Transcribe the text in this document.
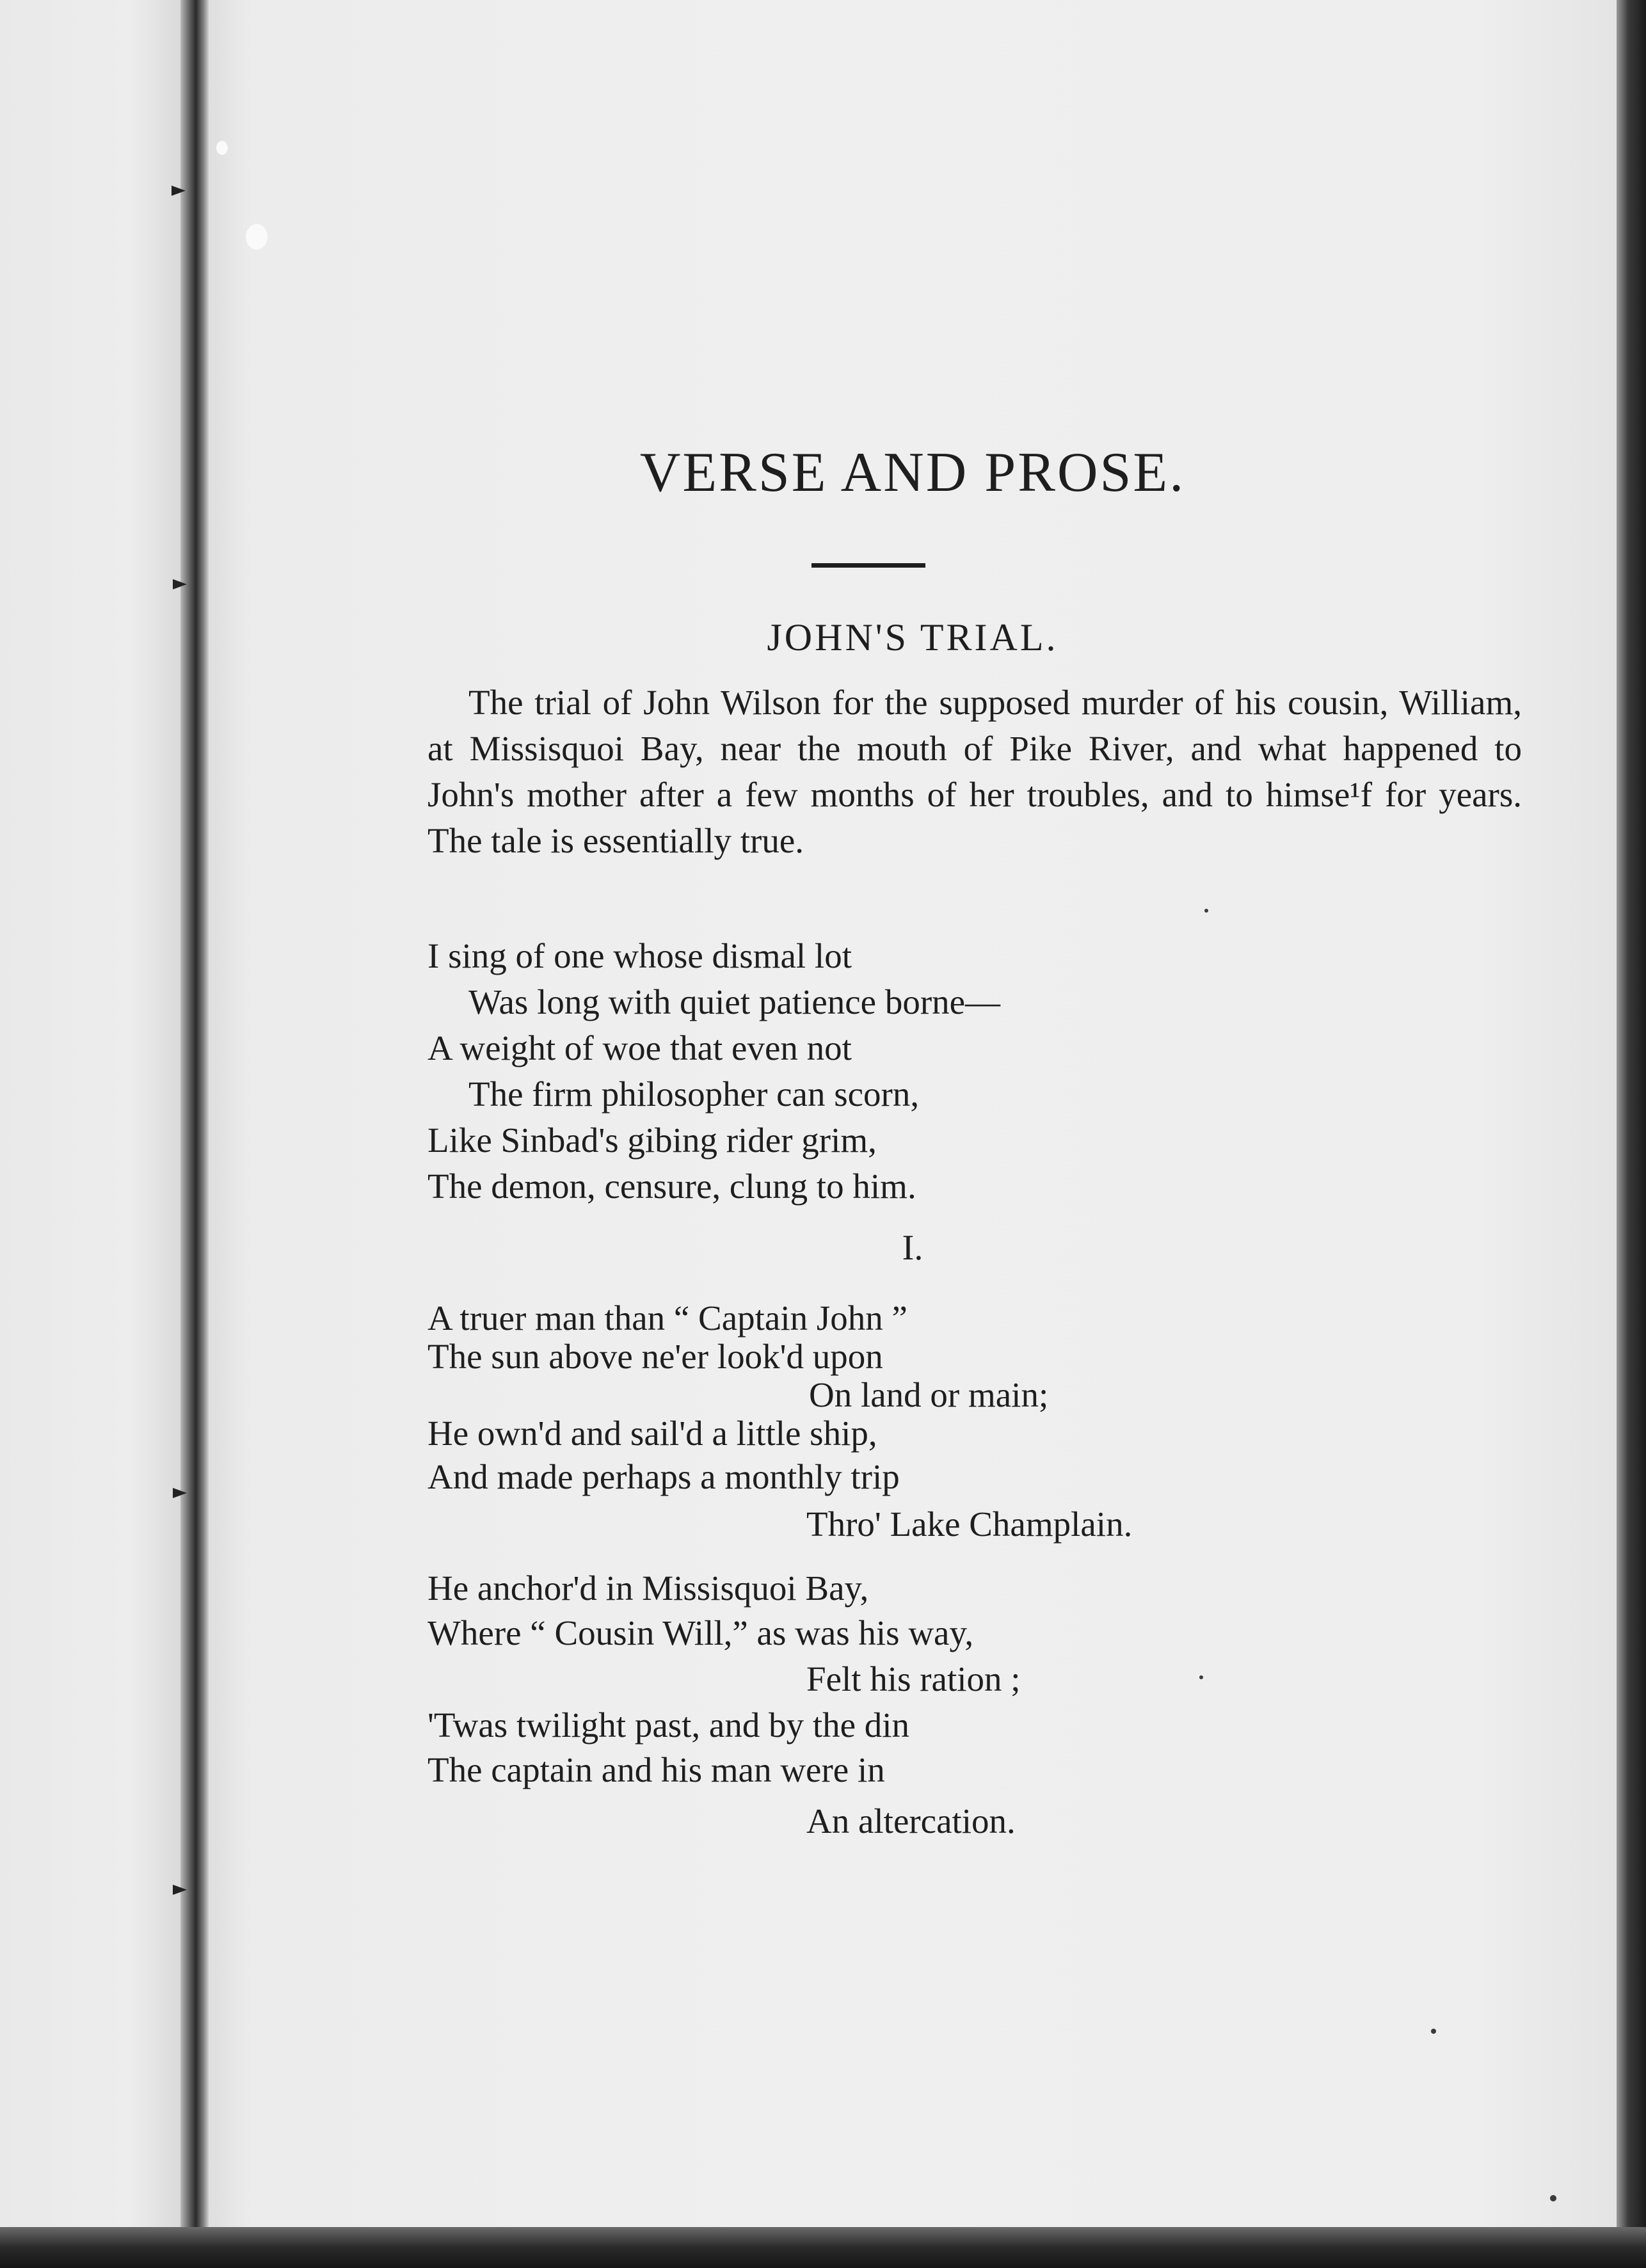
VERSE AND PROSE.
JOHN'S TRIAL.

The trial of John Wilson for the supposed murder of his cousin, William, at Missisquoi Bay, near the mouth of Pike River, and what happened to John's mother after a few months of her troubles, and to himse¹f for years. The tale is essentially true.

I sing of one whose dismal lot

Was long with quiet patience borne—

A weight of woe that even not

The firm philosopher can scorn,

Like Sinbad's gibing rider grim,

The demon, censure, clung to him.

I.

A truer man than “ Captain John ”

The sun above ne'er look'd upon

On land or main;

He own'd and sail'd a little ship,

And made perhaps a monthly trip

Thro' Lake Champlain.

He anchor'd in Missisquoi Bay,

Where “ Cousin Will,” as was his way,

Felt his ration ;

'Twas twilight past, and by the din

The captain and his man were in

An altercation.
